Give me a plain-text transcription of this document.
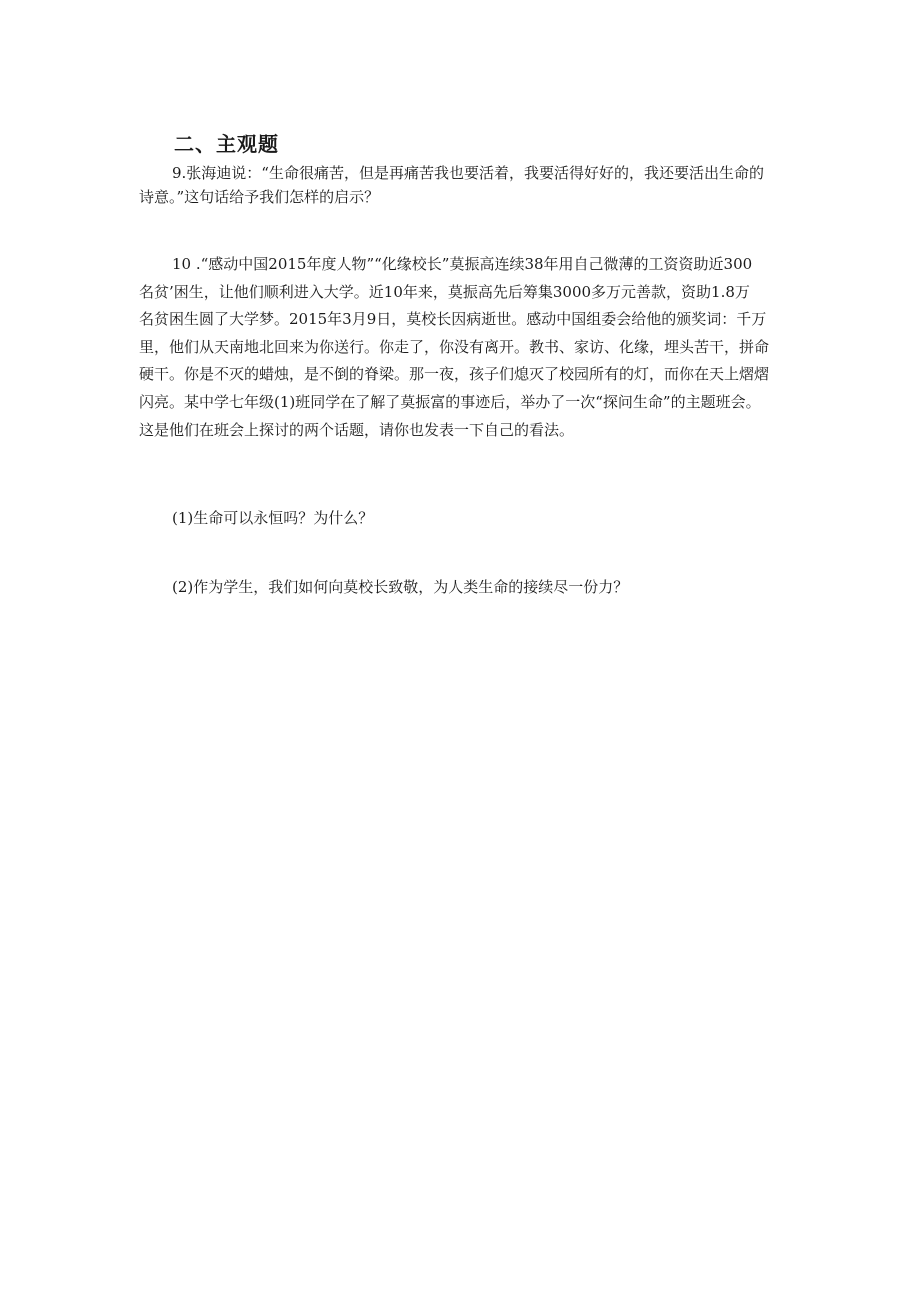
二、主观题
9.张海迪说：“生命很痛苦，但是再痛苦我也要活着，我要活得好好的，我还要活出生命的
诗意。”这句话给予我们怎样的启示？
10 .“感动中国2015年度人物”“化缘校长”莫振高连续38年用自己微薄的工资资助近300
名贫’困生，让他们顺利进入大学。近10年来，莫振高先后筹集3000多万元善款，资助1.8万
名贫困生圆了大学梦。2015年3月9日，莫校长因病逝世。感动中国组委会给他的颁奖词：千万
里，他们从天南地北回来为你送行。你走了，你没有离开。教书、家访、化缘，埋头苦干，拼命
硬干。你是不灭的蜡烛，是不倒的脊梁。那一夜，孩子们熄灭了校园所有的灯，而你在天上熠熠
闪亮。某中学七年级(1)班同学在了解了莫振富的事迹后，举办了一次“探问生命”的主题班会。
这是他们在班会上探讨的两个话题，请你也发表一下自己的看法。
(1)生命可以永恒吗？为什么？
(2)作为学生，我们如何向莫校长致敬，为人类生命的接续尽一份力？
